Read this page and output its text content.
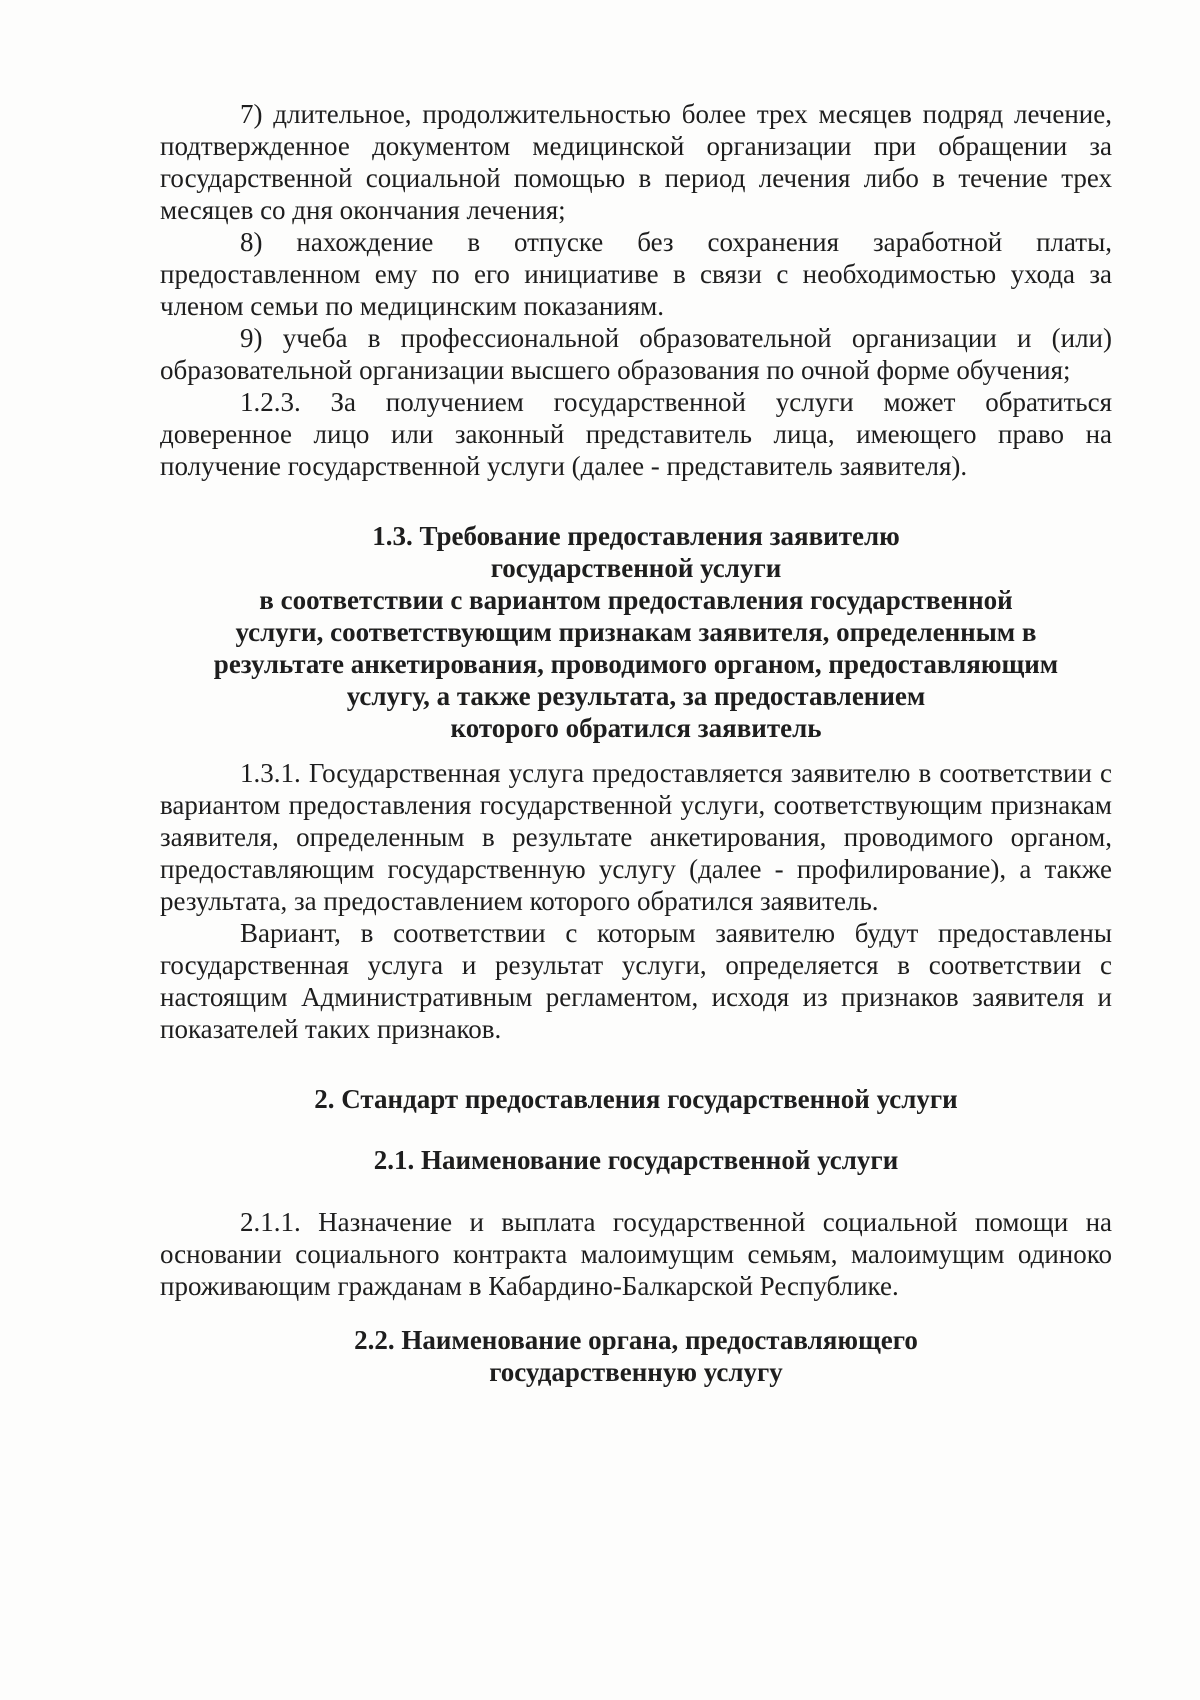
7) длительное, продолжительностью более трех месяцев подряд лечение, подтвержденное документом медицинской организации при обращении за государственной социальной помощью в период лечения либо в течение трех месяцев со дня окончания лечения;

8) нахождение в отпуске без сохранения заработной платы, предоставленном ему по его инициативе в связи с необходимостью ухода за членом семьи по медицинским показаниям.

9) учеба в профессиональной образовательной организации и (или) образовательной организации высшего образования по очной форме обучения;

1.2.3. За получением государственной услуги может обратиться доверенное лицо или законный представитель лица, имеющего право на получение государственной услуги (далее - представитель заявителя).

1.3. Требование предоставления заявителю
государственной услуги
в соответствии с вариантом предоставления государственной
услуги, соответствующим признакам заявителя, определенным в
результате анкетирования, проводимого органом, предоставляющим
услугу, а также результата, за предоставлением
которого обратился заявитель

1.3.1. Государственная услуга предоставляется заявителю в соответствии с вариантом предоставления государственной услуги, соответствующим признакам заявителя, определенным в результате анкетирования, проводимого органом, предоставляющим государственную услугу (далее - профилирование), а также результата, за предоставлением которого обратился заявитель.

Вариант, в соответствии с которым заявителю будут предоставлены государственная услуга и результат услуги, определяется в соответствии с настоящим Административным регламентом, исходя из признаков заявителя и показателей таких признаков.

2. Стандарт предоставления государственной услуги

2.1. Наименование государственной услуги

2.1.1. Назначение и выплата государственной социальной помощи на основании социального контракта малоимущим семьям, малоимущим одиноко проживающим гражданам в Кабардино-Балкарской Республике.

2.2. Наименование органа, предоставляющего
государственную услугу
